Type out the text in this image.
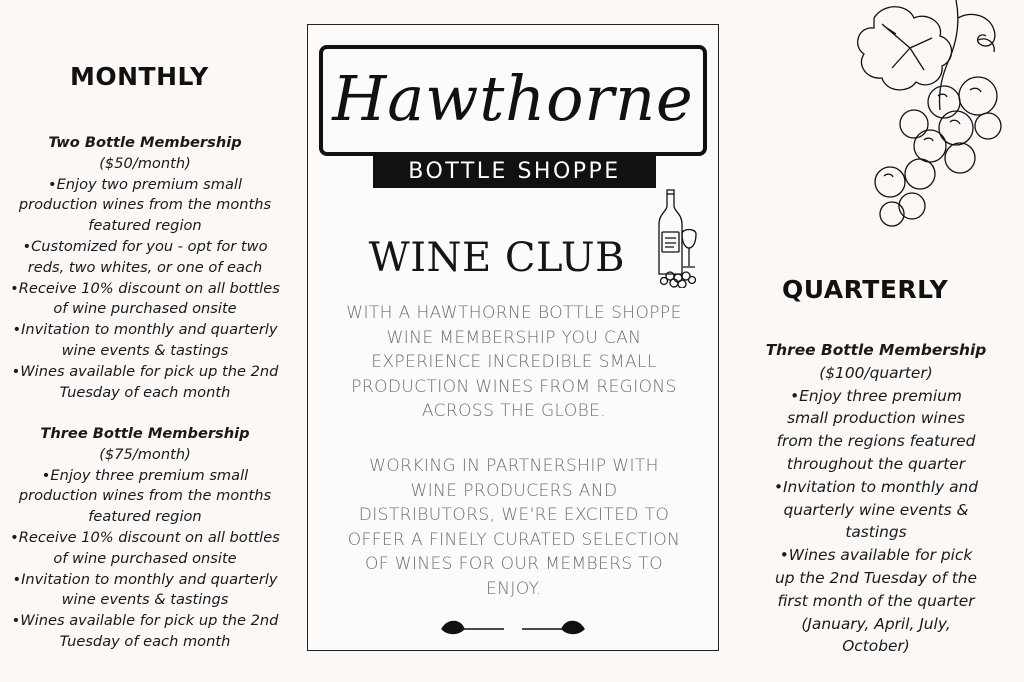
MONTHLY
Two Bottle Membership
($50/month)
•Enjoy two premium small
production wines from the months
featured region
•Customized for you - opt for two
reds, two whites, or one of each
•Receive 10% discount on all bottles
of wine purchased onsite
•Invitation to monthly and quarterly
wine events & tastings
•Wines available for pick up the 2nd
Tuesday of each month
Three Bottle Membership
($75/month)
•Enjoy three premium small
production wines from the months
featured region
•Receive 10% discount on all bottles
of wine purchased onsite
•Invitation to monthly and quarterly
wine events & tastings
•Wines available for pick up the 2nd
Tuesday of each month
Hawthorne
BOTTLE SHOPPE
WINE CLUB
WITH A HAWTHORNE BOTTLE SHOPPE
WINE MEMBERSHIP YOU CAN
EXPERIENCE INCREDIBLE SMALL
PRODUCTION WINES FROM REGIONS
ACROSS THE GLOBE.
WORKING IN PARTNERSHIP WITH
WINE PRODUCERS AND
DISTRIBUTORS, WE'RE EXCITED TO
OFFER A FINELY CURATED SELECTION
OF WINES FOR OUR MEMBERS TO
ENJOY.
QUARTERLY
Three Bottle Membership
($100/quarter)
•Enjoy three premium
small production wines
from the regions featured
throughout the quarter
•Invitation to monthly and
quarterly wine events &
tastings
•Wines available for pick
up the 2nd Tuesday of the
first month of the quarter
(January, April, July,
October)
